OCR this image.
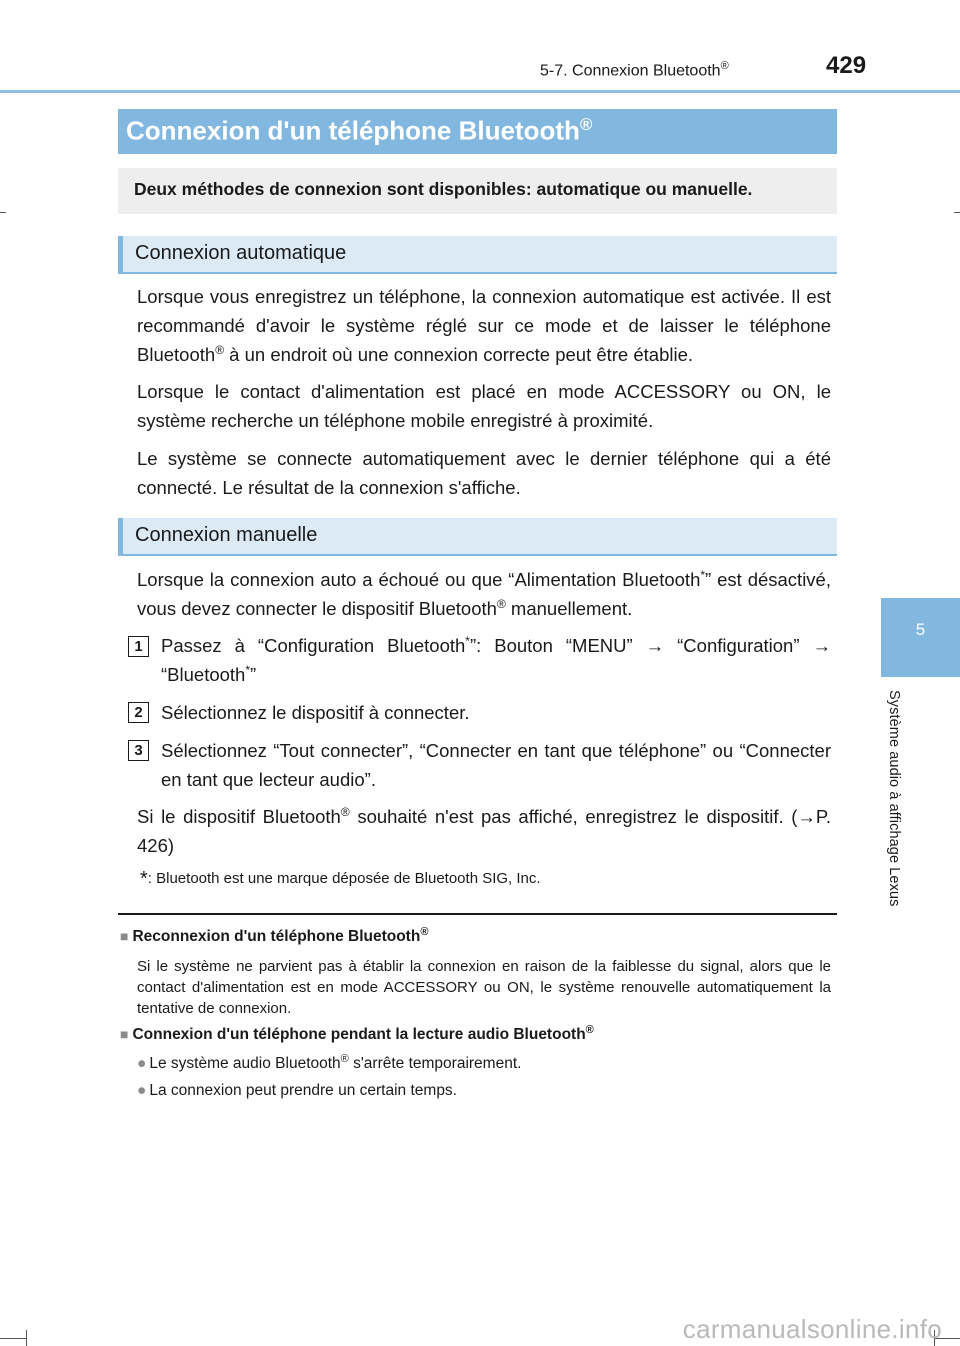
5-7. Connexion Bluetooth®	429
5
Système audio à affichage Lexus
Connexion d'un téléphone Bluetooth®
Deux méthodes de connexion sont disponibles: automatique ou manuelle.
Connexion automatique
Lorsque vous enregistrez un téléphone, la connexion automatique est activée. Il est recommandé d'avoir le système réglé sur ce mode et de laisser le téléphone Bluetooth® à un endroit où une connexion correcte peut être établie.
Lorsque le contact d'alimentation est placé en mode ACCESSORY ou ON, le système recherche un téléphone mobile enregistré à proximité.
Le système se connecte automatiquement avec le dernier téléphone qui a été connecté. Le résultat de la connexion s'affiche.
Connexion manuelle
Lorsque la connexion auto a échoué ou que “Alimentation Bluetooth*” est désactivé, vous devez connecter le dispositif Bluetooth® manuellement.
1 Passez à “Configuration Bluetooth*”: Bouton “MENU” → “Configuration” → “Bluetooth*”
2 Sélectionnez le dispositif à connecter.
3 Sélectionnez “Tout connecter”, “Connecter en tant que téléphone” ou “Connecter en tant que lecteur audio”.
Si le dispositif Bluetooth® souhaité n'est pas affiché, enregistrez le dispositif. (→P. 426)
*: Bluetooth est une marque déposée de Bluetooth SIG, Inc.
■ Reconnexion d'un téléphone Bluetooth®
Si le système ne parvient pas à établir la connexion en raison de la faiblesse du signal, alors que le contact d'alimentation est en mode ACCESSORY ou ON, le système renouvelle automatiquement la tentative de connexion.
■ Connexion d'un téléphone pendant la lecture audio Bluetooth®
● Le système audio Bluetooth® s'arrête temporairement.
● La connexion peut prendre un certain temps.
carmanualsonline.info
